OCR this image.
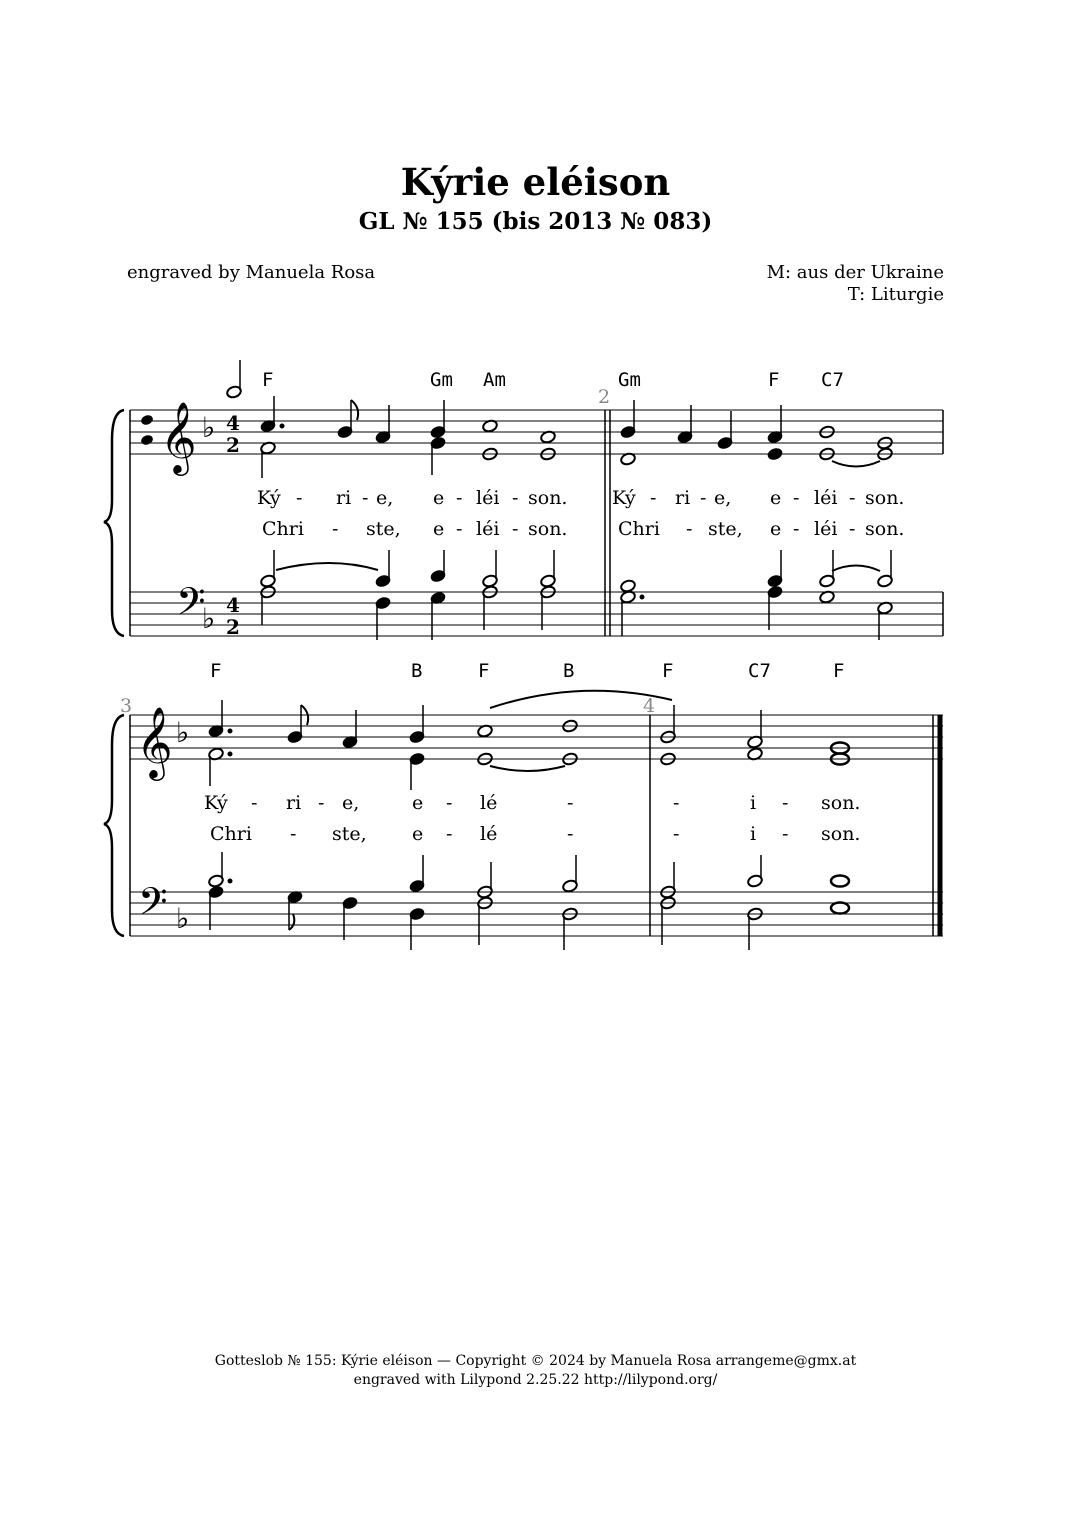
Kýrie eléison
GL № 155 (bis 2013 № 083)
engraved by Manuela Rosa	M: aus der Ukraine
T: Liturgie
𝄞 ♭ 4
2
𝄢
♭ 4
2
2
F	Gm Am	Gm	F C7
Ký - ri - e, e - léi - son. Ký - ri - e, e - léi - son.
Chri - ste, e - léi - son.	Chri - ste, e - léi - son.
𝄞 ♭
𝄢 ♭
3	4
F	B	F	B	F	C7	F
Ký - ri - e,	e - lé	-	-	i - son.
Chri - ste, e - lé	-	-	i - son.
Gotteslob № 155: Kýrie eléison — Copyright © 2024 by Manuela Rosa arrangeme@gmx.at
engraved with Lilypond 2.25.22 http://lilypond.org/
